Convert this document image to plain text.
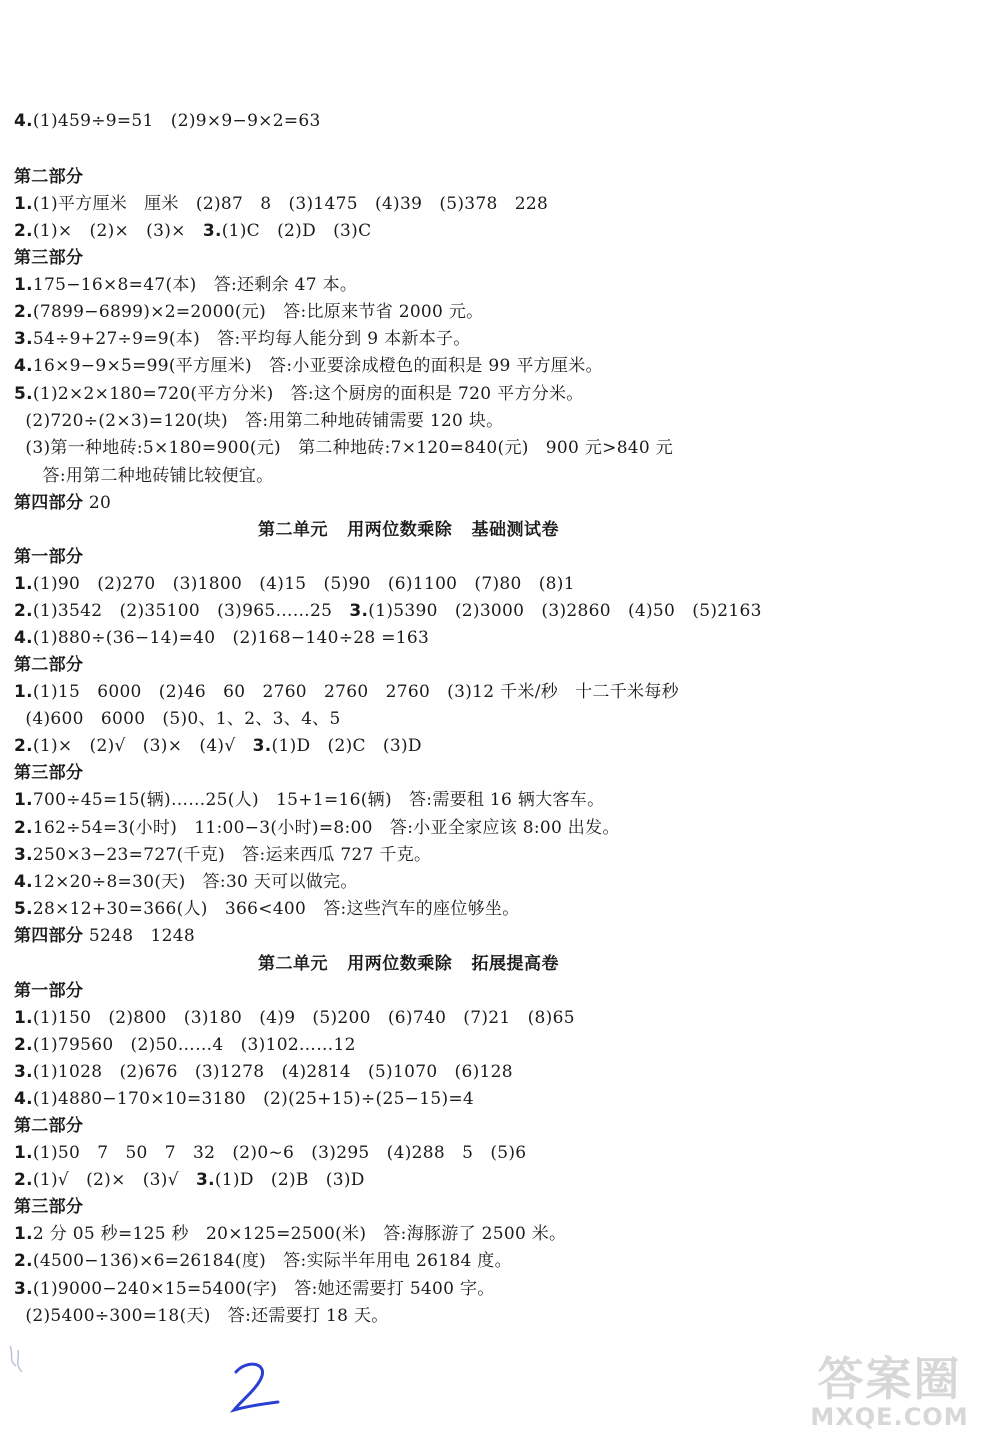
4.(1)459÷9=51   (2)9×9−9×2=63
第二部分
1.(1)平方厘米   厘米   (2)87   8   (3)1475   (4)39   (5)378   228
2.(1)×   (2)×   (3)×   3.(1)C   (2)D   (3)C
第三部分
1.175−16×8=47(本)   答:还剩余 47 本。
2.(7899−6899)×2=2000(元)   答:比原来节省 2000 元。
3.54÷9+27÷9=9(本)   答:平均每人能分到 9 本新本子。
4.16×9−9×5=99(平方厘米)   答:小亚要涂成橙色的面积是 99 平方厘米。
5.(1)2×2×180=720(平方分米)   答:这个厨房的面积是 720 平方分米。
(2)720÷(2×3)=120(块)   答:用第二种地砖铺需要 120 块。
(3)第一种地砖:5×180=900(元)   第二种地砖:7×120=840(元)   900 元>840 元
答:用第二种地砖铺比较便宜。
第四部分 20
第二单元   用两位数乘除   基础测试卷
第一部分
1.(1)90   (2)270   (3)1800   (4)15   (5)90   (6)1100   (7)80   (8)1
2.(1)3542   (2)35100   (3)965……25   3.(1)5390   (2)3000   (3)2860   (4)50   (5)2163
4.(1)880÷(36−14)=40   (2)168−140÷28 =163
第二部分
1.(1)15   6000   (2)46   60   2760   2760   2760   (3)12 千米/秒   十二千米每秒
(4)600   6000   (5)0、1、2、3、4、5
2.(1)×   (2)√   (3)×   (4)√   3.(1)D   (2)C   (3)D
第三部分
1.700÷45=15(辆)……25(人)   15+1=16(辆)   答:需要租 16 辆大客车。
2.162÷54=3(小时)   11:00−3(小时)=8:00   答:小亚全家应该 8:00 出发。
3.250×3−23=727(千克)   答:运来西瓜 727 千克。
4.12×20÷8=30(天)   答:30 天可以做完。
5.28×12+30=366(人)   366<400   答:这些汽车的座位够坐。
第四部分 5248   1248
第二单元   用两位数乘除   拓展提高卷
第一部分
1.(1)150   (2)800   (3)180   (4)9   (5)200   (6)740   (7)21   (8)65
2.(1)79560   (2)50……4   (3)102……12
3.(1)1028   (2)676   (3)1278   (4)2814   (5)1070   (6)128
4.(1)4880−170×10=3180   (2)(25+15)÷(25−15)=4
第二部分
1.(1)50   7   50   7   32   (2)0~6   (3)295   (4)288   5   (5)6
2.(1)√   (2)×   (3)√   3.(1)D   (2)B   (3)D
第三部分
1.2 分 05 秒=125 秒   20×125=2500(米)   答:海豚游了 2500 米。
2.(4500−136)×6=26184(度)   答:实际半年用电 26184 度。
3.(1)9000−240×15=5400(字)   答:她还需要打 5400 字。
(2)5400÷300=18(天)   答:还需要打 18 天。
答案圈
MXQE.COM
